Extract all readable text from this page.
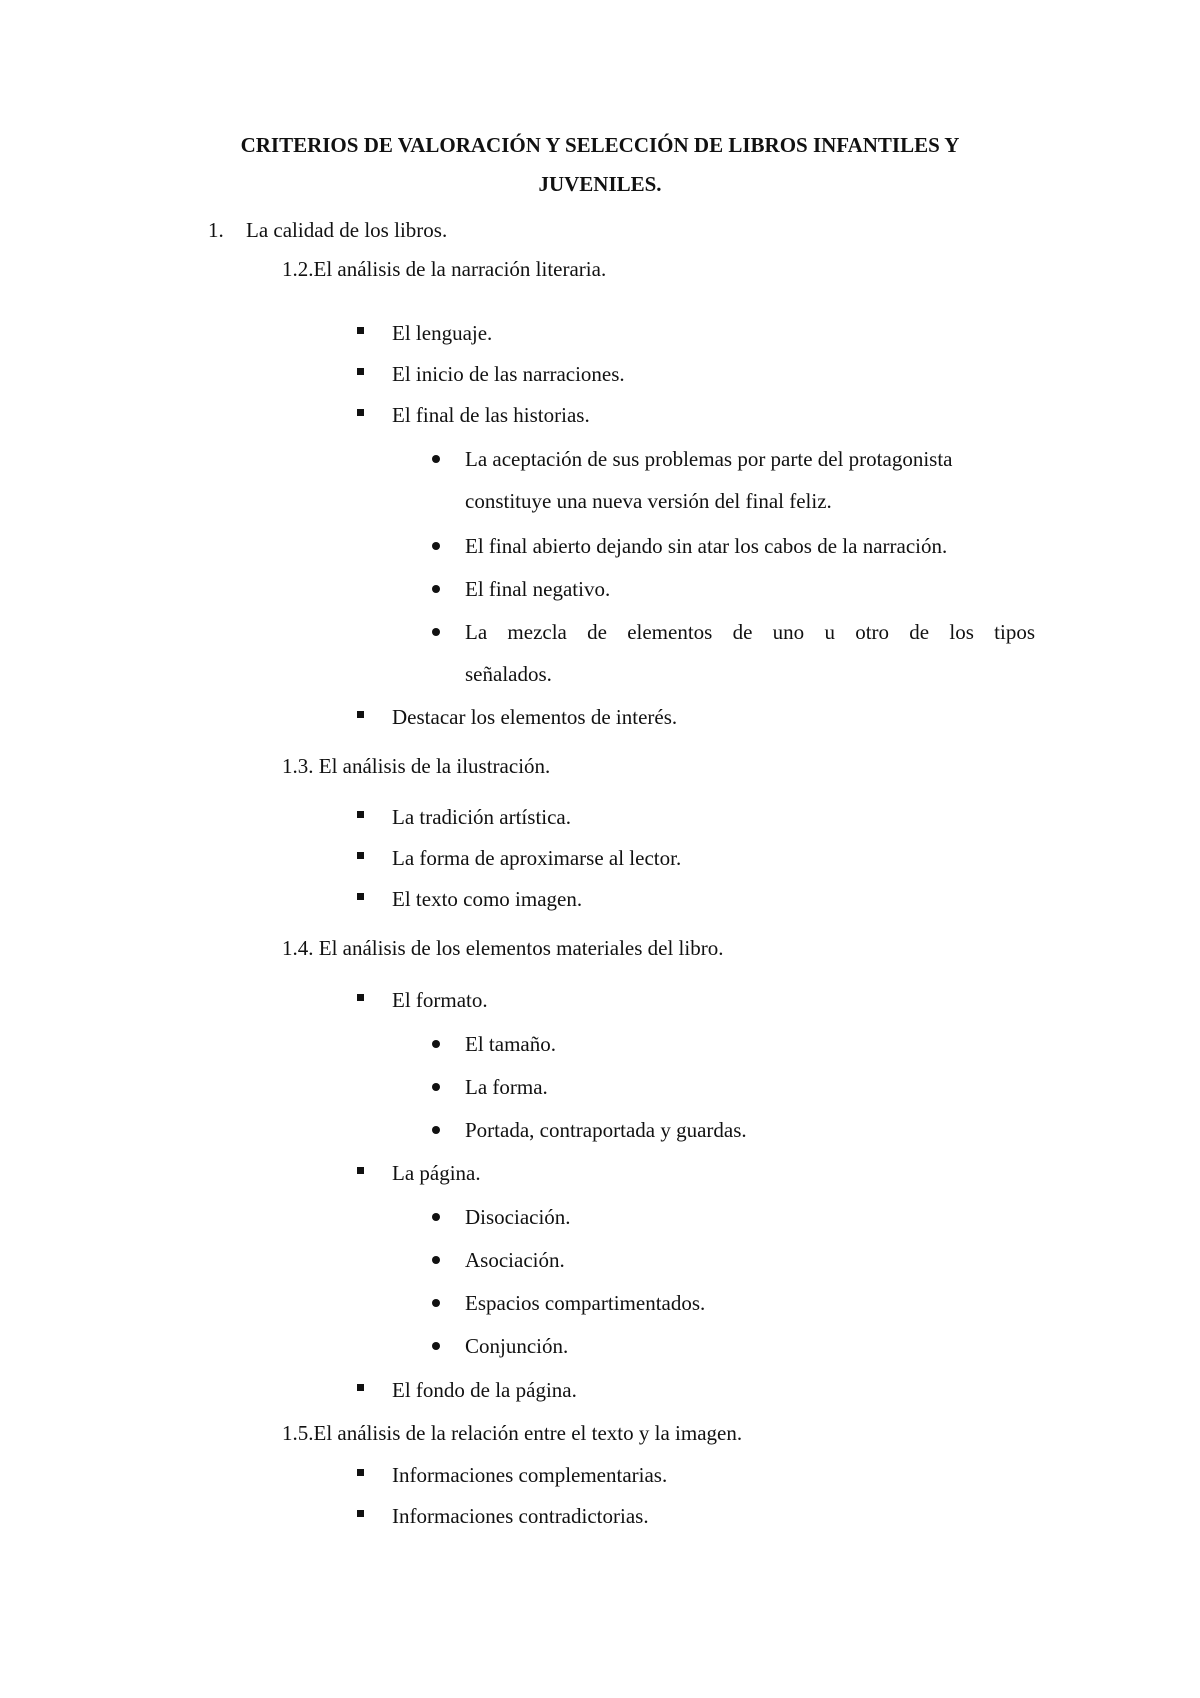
CRITERIOS DE VALORACIÓN Y SELECCIÓN DE LIBROS INFANTILES Y
JUVENILES.
1. La calidad de los libros.
1.2.El análisis de la narración literaria.
El lenguaje.
El inicio de las narraciones.
El final de las historias.
La aceptación de sus problemas por parte del protagonista
constituye una nueva versión del final feliz.
El final abierto dejando sin atar los cabos de la narración.
El final negativo.
La mezcla de elementos de uno u otro de los tipos
señalados.
Destacar los elementos de interés.
1.3. El análisis de la ilustración.
La tradición artística.
La forma de aproximarse al lector.
El texto como imagen.
1.4. El análisis de los elementos materiales del libro.
El formato.
El tamaño.
La forma.
Portada, contraportada y guardas.
La página.
Disociación.
Asociación.
Espacios compartimentados.
Conjunción.
El fondo de la página.
1.5.El análisis de la relación entre el texto y la imagen.
Informaciones complementarias.
Informaciones contradictorias.
